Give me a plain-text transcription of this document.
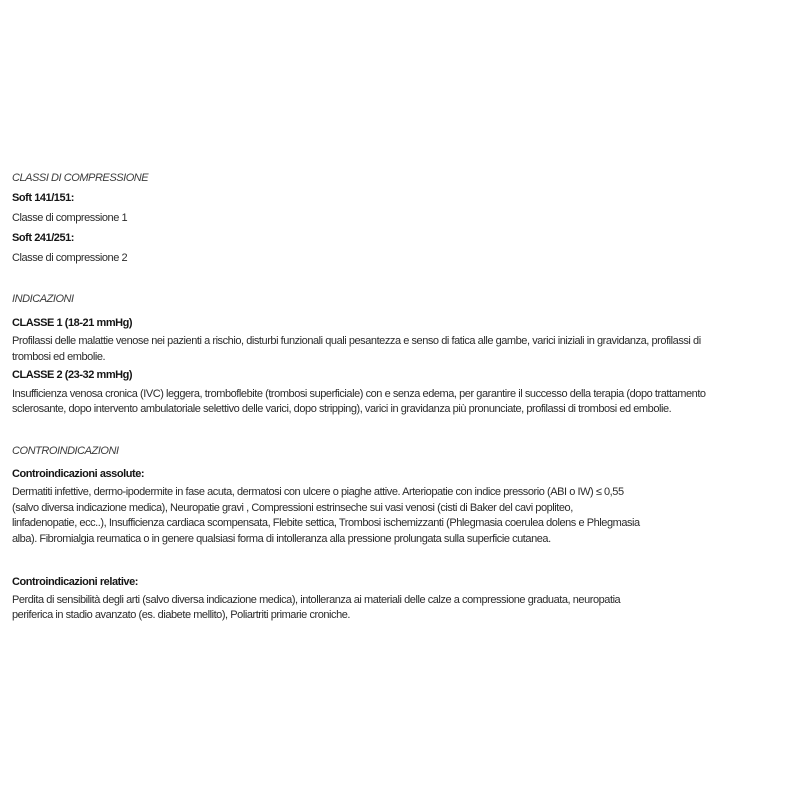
CLASSI DI COMPRESSIONE
Soft 141/151:
Classe di compressione 1
Soft 241/251:
Classe di compressione 2
INDICAZIONI
CLASSE 1 (18-21 mmHg)
Profilassi delle malattie venose nei pazienti a rischio, disturbi funzionali quali pesantezza e senso di fatica alle gambe, varici iniziali in gravidanza, profilassi di
trombosi ed embolie.
CLASSE 2 (23-32 mmHg)
Insufficienza venosa cronica (IVC) leggera, tromboflebite (trombosi superficiale) con e senza edema, per garantire il successo della terapia (dopo trattamento
sclerosante, dopo intervento ambulatoriale selettivo delle varici, dopo stripping), varici in gravidanza più pronunciate, profilassi di trombosi ed embolie.
CONTROINDICAZIONI
Controindicazioni assolute:
Dermatiti infettive, dermo-ipodermite in fase acuta, dermatosi con ulcere o piaghe attive. Arteriopatie con indice pressorio (ABI o IW) ≤ 0,55
(salvo diversa indicazione medica), Neuropatie gravi , Compressioni estrinseche sui vasi venosi (cisti di Baker del cavi popliteo,
linfadenopatie, ecc..), Insufficienza cardiaca scompensata, Flebite settica, Trombosi ischemizzanti (Phlegmasia coerulea dolens e Phlegmasia
alba). Fibromialgia reumatica o in genere qualsiasi forma di intolleranza alla pressione prolungata sulla superficie cutanea.
Controindicazioni relative:
Perdita di sensibilità degli arti (salvo diversa indicazione medica), intolleranza ai materiali delle calze a compressione graduata, neuropatia
periferica in stadio avanzato (es. diabete mellito), Poliartriti primarie croniche.
